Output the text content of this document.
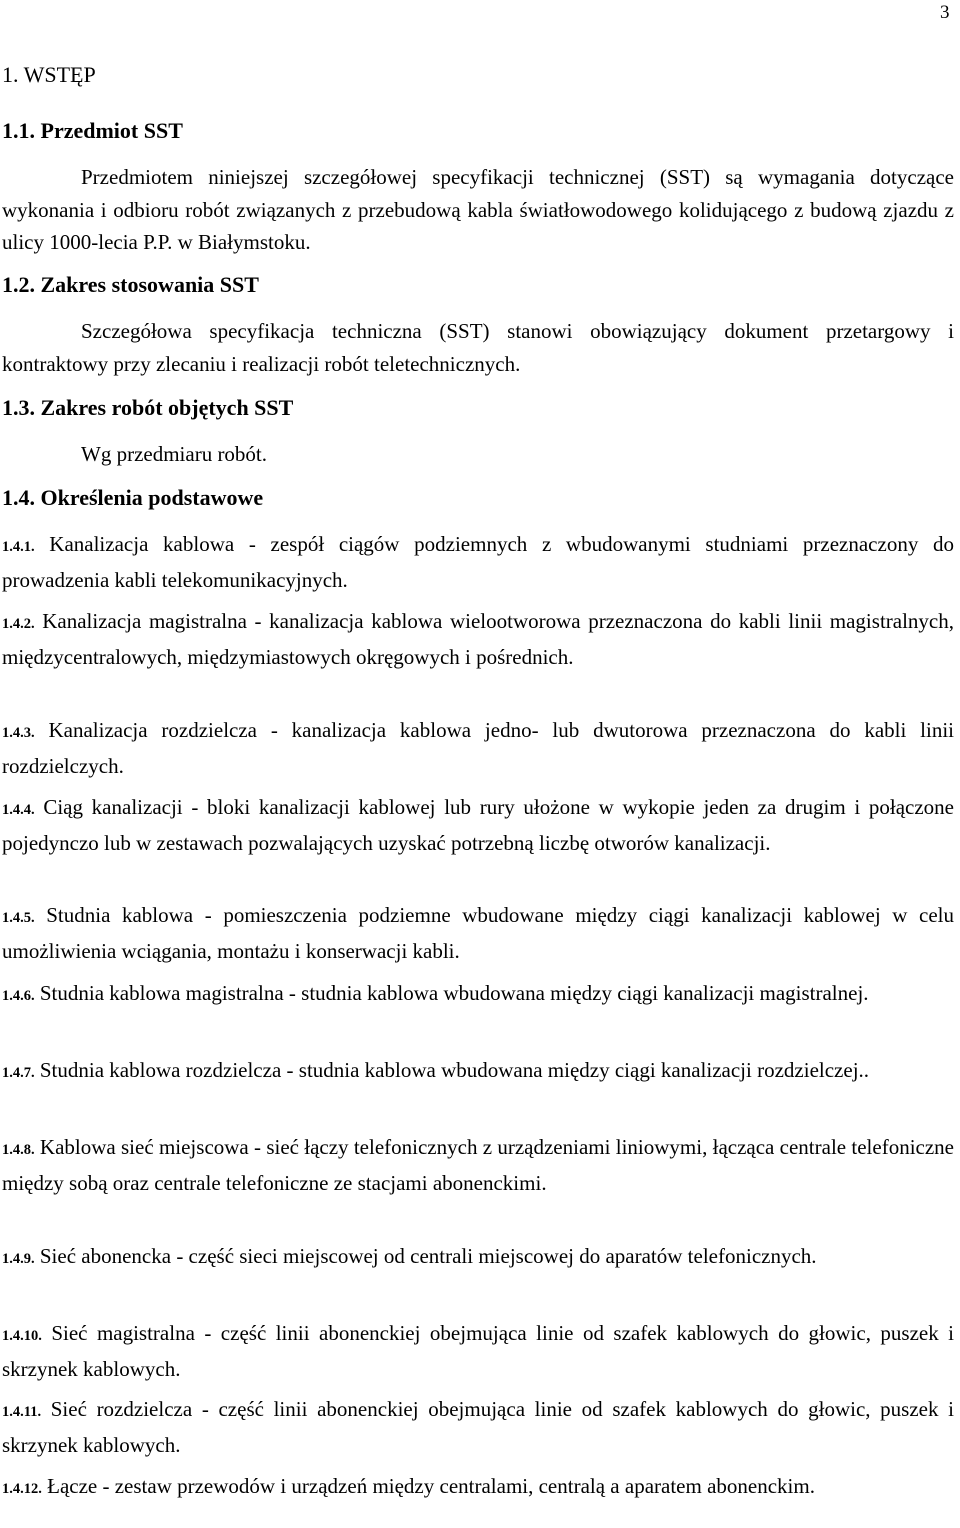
3
1. WSTĘP
1.1. Przedmiot SST
Przedmiotem niniejszej szczegółowej specyfikacji technicznej (SST) są wymagania dotyczące wykonania i odbioru robót związanych z przebudową kabla światłowodowego kolidującego z budową zjazdu z ulicy 1000-lecia P.P. w Białymstoku.
1.2. Zakres stosowania SST
Szczegółowa specyfikacja techniczna (SST) stanowi obowiązujący dokument przetargowy i kontraktowy przy zlecaniu i realizacji robót teletechnicznych.
1.3. Zakres robót objętych SST
Wg przedmiaru robót.
1.4. Określenia podstawowe
1.4.1. Kanalizacja kablowa - zespół ciągów podziemnych z wbudowanymi studniami przeznaczony do prowadzenia kabli telekomunikacyjnych.
1.4.2. Kanalizacja magistralna - kanalizacja kablowa wielootworowa przeznaczona do kabli linii magistralnych, międzycentralowych, międzymiastowych okręgowych i pośrednich.
1.4.3. Kanalizacja rozdzielcza - kanalizacja kablowa jedno- lub dwutorowa przeznaczona do kabli linii rozdzielczych.
1.4.4. Ciąg kanalizacji - bloki kanalizacji kablowej lub rury ułożone w wykopie jeden za drugim i połączone pojedynczo lub w zestawach pozwalających uzyskać potrzebną liczbę otworów kanalizacji.
1.4.5. Studnia kablowa - pomieszczenia podziemne wbudowane między ciągi kanalizacji kablowej w celu umożliwienia wciągania, montażu i konserwacji kabli.
1.4.6. Studnia kablowa magistralna - studnia kablowa wbudowana między ciągi kanalizacji magistralnej.
1.4.7. Studnia kablowa rozdzielcza - studnia kablowa wbudowana między ciągi kanalizacji rozdzielczej..
1.4.8. Kablowa sieć miejscowa - sieć łączy telefonicznych z urządzeniami liniowymi, łącząca centrale telefoniczne między sobą oraz centrale telefoniczne ze stacjami abonenckimi.
1.4.9. Sieć abonencka - część sieci miejscowej od centrali miejscowej do aparatów telefonicznych.
1.4.10. Sieć magistralna - część linii abonenckiej obejmująca linie od szafek kablowych do głowic, puszek i skrzynek kablowych.
1.4.11. Sieć rozdzielcza - część linii abonenckiej obejmująca linie od szafek kablowych do głowic, puszek i skrzynek kablowych.
1.4.12. Łącze - zestaw przewodów i urządzeń między centralami, centralą a aparatem abonenckim.
